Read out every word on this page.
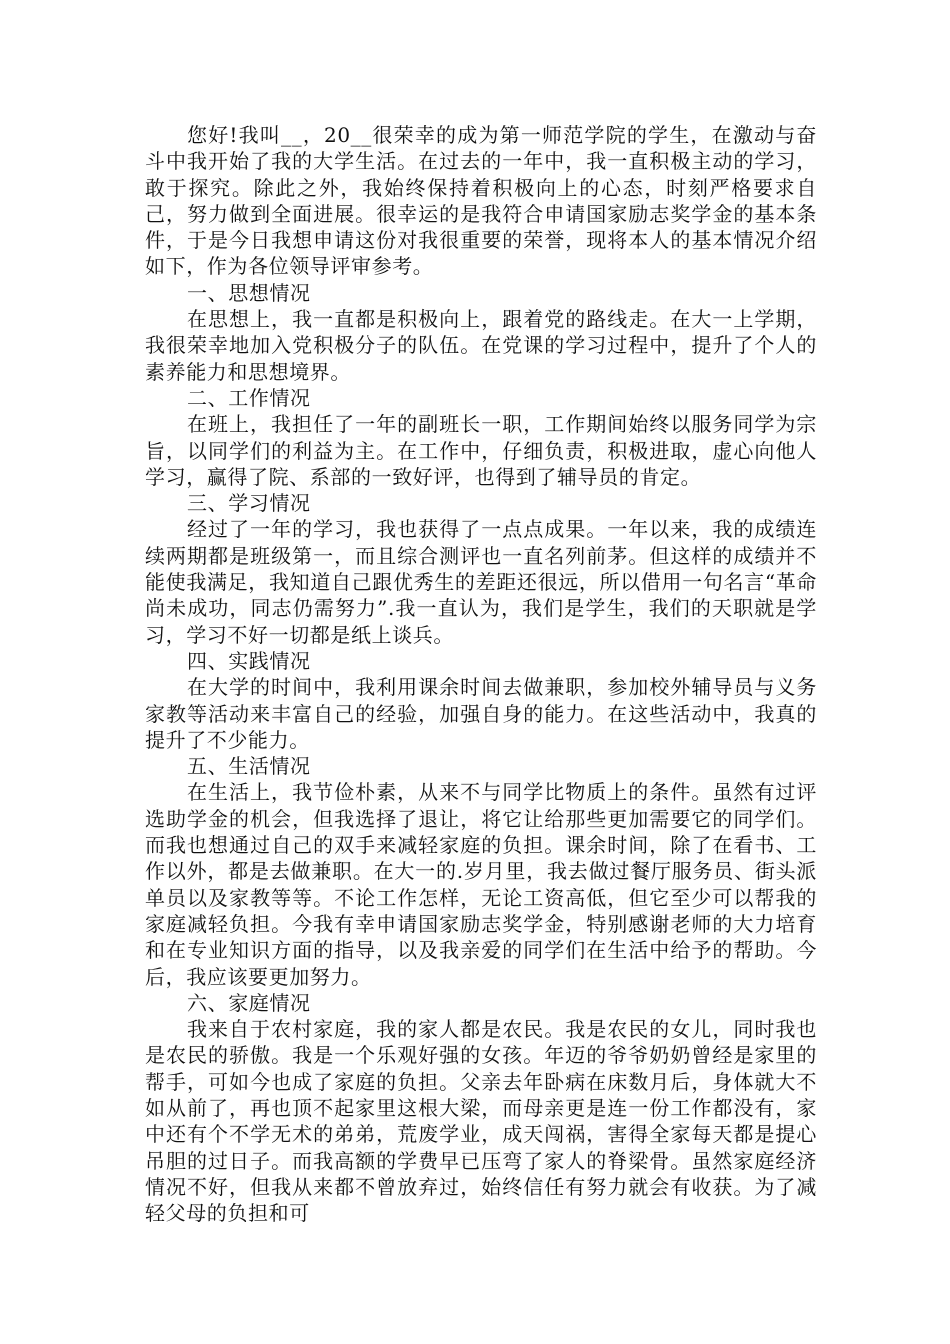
您好!我叫__，20__很荣幸的成为第一师范学院的学生，在激动与奋斗中我开始了我的大学生活。在过去的一年中，我一直积极主动的学习，敢于探究。除此之外，我始终保持着积极向上的心态，时刻严格要求自己，努力做到全面进展。很幸运的是我符合申请国家励志奖学金的基本条件，于是今日我想申请这份对我很重要的荣誉，现将本人的基本情况介绍如下，作为各位领导评审参考。

一、思想情况

在思想上，我一直都是积极向上，跟着党的路线走。在大一上学期，我很荣幸地加入党积极分子的队伍。在党课的学习过程中，提升了个人的素养能力和思想境界。

二、工作情况

在班上，我担任了一年的副班长一职，工作期间始终以服务同学为宗旨，以同学们的利益为主。在工作中，仔细负责，积极进取，虚心向他人学习，赢得了院、系部的一致好评，也得到了辅导员的肯定。

三、学习情况

经过了一年的学习，我也获得了一点点成果。一年以来，我的成绩连续两期都是班级第一，而且综合测评也一直名列前茅。但这样的成绩并不能使我满足，我知道自己跟优秀生的差距还很远，所以借用一句名言“革命尚未成功，同志仍需努力”.我一直认为，我们是学生，我们的天职就是学习，学习不好一切都是纸上谈兵。

四、实践情况

在大学的时间中，我利用课余时间去做兼职，参加校外辅导员与义务家教等活动来丰富自己的经验，加强自身的能力。在这些活动中，我真的提升了不少能力。

五、生活情况

在生活上，我节俭朴素，从来不与同学比物质上的条件。虽然有过评选助学金的机会，但我选择了退让，将它让给那些更加需要它的同学们。而我也想通过自己的双手来减轻家庭的负担。课余时间，除了在看书、工作以外，都是去做兼职。在大一的.岁月里，我去做过餐厅服务员、街头派单员以及家教等等。不论工作怎样，无论工资高低，但它至少可以帮我的家庭减轻负担。今我有幸申请国家励志奖学金，特别感谢老师的大力培育和在专业知识方面的指导，以及我亲爱的同学们在生活中给予的帮助。今后，我应该要更加努力。

六、家庭情况

我来自于农村家庭，我的家人都是农民。我是农民的女儿，同时我也是农民的骄傲。我是一个乐观好强的女孩。年迈的爷爷奶奶曾经是家里的帮手，可如今也成了家庭的负担。父亲去年卧病在床数月后，身体就大不如从前了，再也顶不起家里这根大梁，而母亲更是连一份工作都没有，家中还有个不学无术的弟弟，荒废学业，成天闯祸，害得全家每天都是提心吊胆的过日子。而我高额的学费早已压弯了家人的脊梁骨。虽然家庭经济情况不好，但我从来都不曾放弃过，始终信任有努力就会有收获。为了减轻父母的负担和可
